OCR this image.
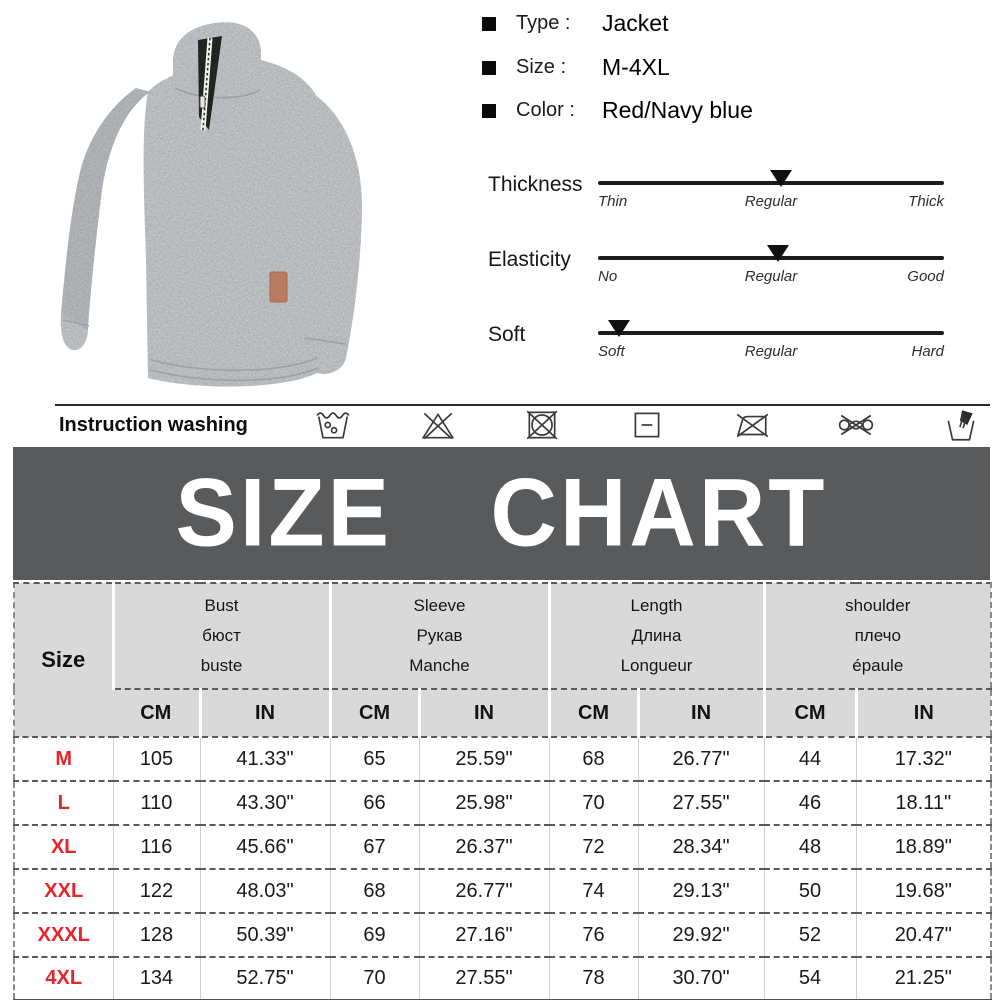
Type :	Jacket
Size :	M-4XL
Color :	Red/Navy blue
Thickness
Thin	Regular	Thick
Elasticity
No	Regular	Good
Soft
Soft	Regular	Hard
Instruction washing
SIZE CHART
Size	
Bust
бюст
buste

Sleeve
Рукав
Manche

Length
Длина
Longueur

shoulder
плечо
épaule

	CM	IN	CM	IN	CM	IN	CM	IN
M	105	41.33"	65	25.59"	68	26.77"	44	17.32"
L	110	43.30"	66	25.98"	70	27.55"	46	18.11"
XL	116	45.66"	67	26.37"	72	28.34"	48	18.89"
XXL	122	48.03"	68	26.77"	74	29.13"	50	19.68"
XXXL	128	50.39"	69	27.16"	76	29.92"	52	20.47"
4XL	134	52.75"	70	27.55"	78	30.70"	54	21.25"
